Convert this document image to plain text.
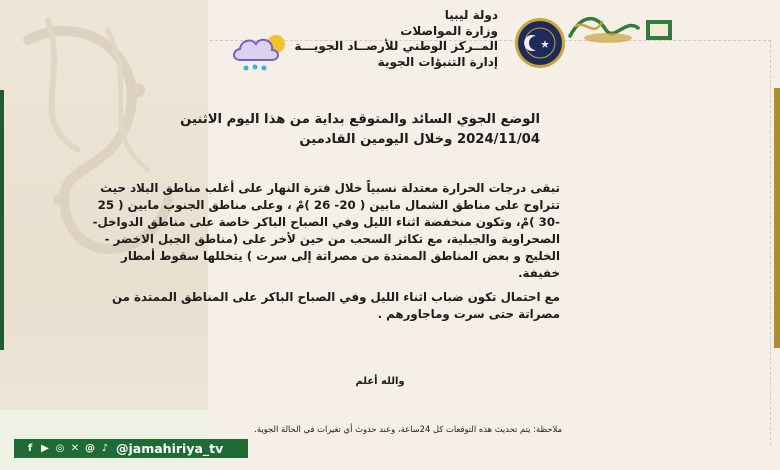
دولة ليبيا
وزارة المواصلات
المــركز الوطني للأرصــاد الجويـــة
إدارة التنبؤات الجوية
الوضع الجوي السائد والمتوقع بداية من هذا اليوم الاثنين
2024/11/04 وخلال اليومين القادمين

تبقى درجات الحرارة معتدلة نسبياً خلال فترة النهار على أغلب مناطق البلاد حيث تتراوح على مناطق الشمال مابين ( 20- 26 )مْ ، وعلى مناطق الجنوب مابين ( 25 -30 )مْ، وتكون منخفضة اثناء الليل وفي الصباح الباكر خاصة على مناطق الدواخل- الصحراوية والجبلية، مع تكاثر السحب من حين لأخر على (مناطق الجبل الاخضر - الخليج و بعض المناطق الممتدة من مصراتة إلى سرت ) يتخللها سقوط أمطار خفيفة.

مع احتمال تكون ضباب اثناء الليل وفي الصباح الباكر على المناطق الممتدة من مصراتة حتى سرت وماجاورهم .

والله أعلم
ملاحظة: يتم تحديث هذه التوقعات كل 24ساعة، وعند حدوث أي تغيرات في الحالة الجوية.
f ▶ ◎ ✕ @ ♪ @jamahiriya_tv
